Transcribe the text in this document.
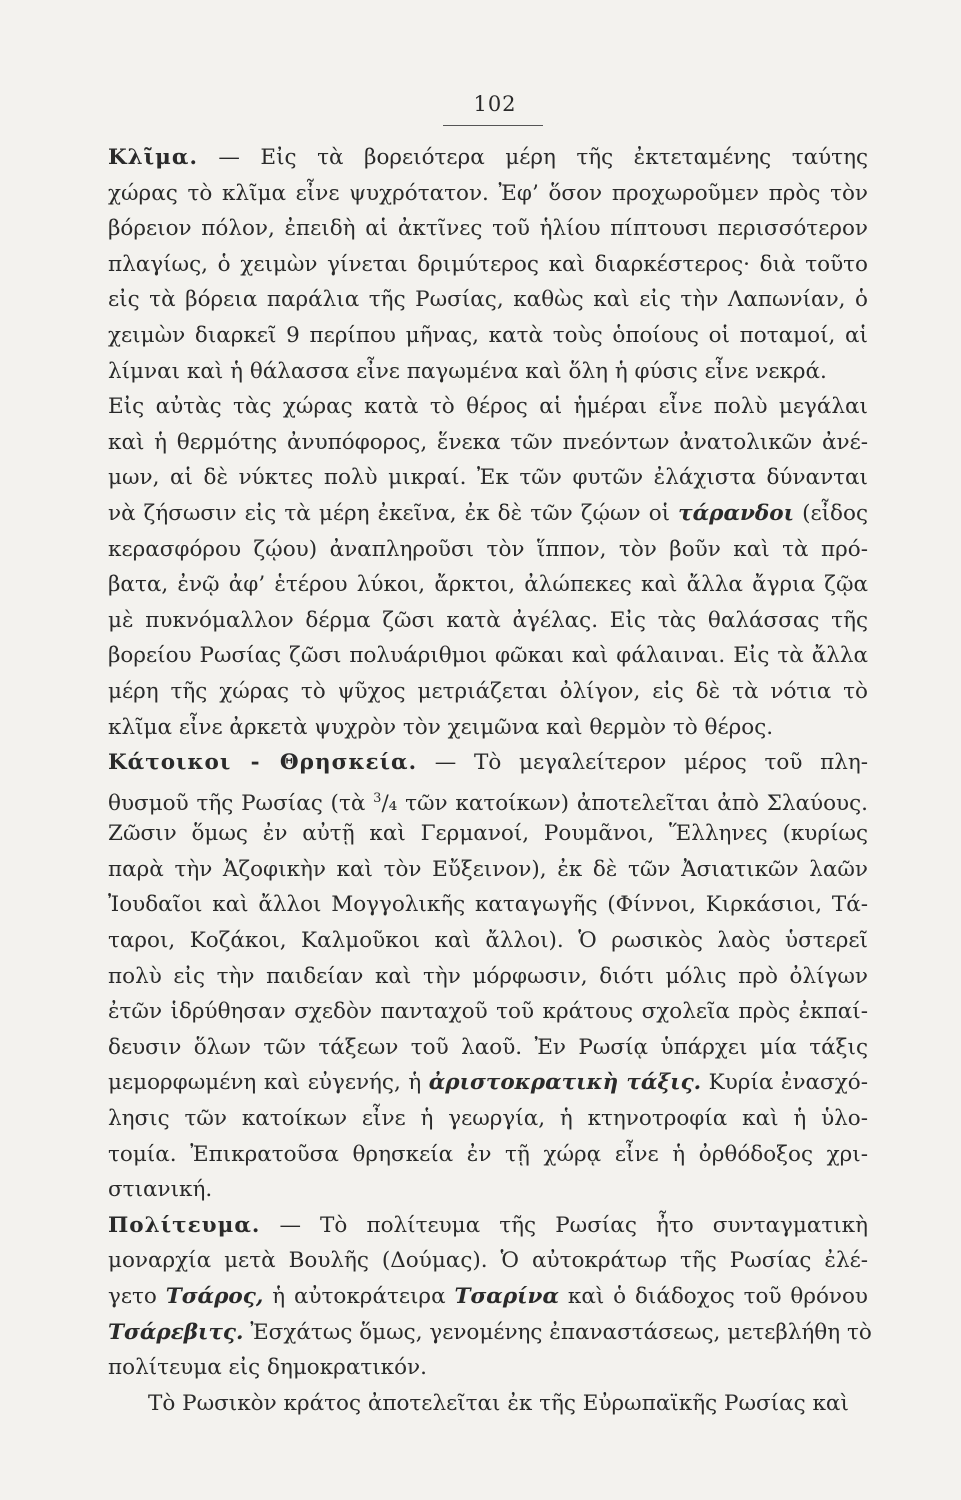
102
Κλῖμα. — Εἰς τὰ βορειότερα μέρη τῆς ἐκτεταμένης ταύτης
χώρας τὸ κλῖμα εἶνε ψυχρότατον. Ἐφ’ ὅσον προχωροῦμεν πρὸς τὸν
βόρειον πόλον, ἐπειδὴ αἱ ἀκτῖνες τοῦ ἡλίου πίπτουσι περισσότερον
πλαγίως, ὁ χειμὼν γίνεται δριμύτερος καὶ διαρκέστερος· διὰ τοῦτο
εἰς τὰ βόρεια παράλια τῆς Ρωσίας, καθὼς καὶ εἰς τὴν Λαπωνίαν, ὁ
χειμὼν διαρκεῖ 9 περίπου μῆνας, κατὰ τοὺς ὁποίους οἱ ποταμοί, αἱ
λίμναι καὶ ἡ θάλασσα εἶνε παγωμένα καὶ ὅλη ἡ φύσις εἶνε νεκρά.
Εἰς αὐτὰς τὰς χώρας κατὰ τὸ θέρος αἱ ἡμέραι εἶνε πολὺ μεγάλαι
καὶ ἡ θερμότης ἀνυπόφορος, ἕνεκα τῶν πνεόντων ἀνατολικῶν ἀνέ-
μων, αἱ δὲ νύκτες πολὺ μικραί. Ἐκ τῶν φυτῶν ἐλάχιστα δύνανται
νὰ ζήσωσιν εἰς τὰ μέρη ἐκεῖνα, ἐκ δὲ τῶν ζῴων οἱ τάρανδοι (εἶδος
κερασφόρου ζῴου) ἀναπληροῦσι τὸν ἵππον, τὸν βοῦν καὶ τὰ πρό-
βατα, ἐνῷ ἀφ’ ἑτέρου λύκοι, ἄρκτοι, ἀλώπεκες καὶ ἄλλα ἄγρια ζῷα
μὲ πυκνόμαλλον δέρμα ζῶσι κατὰ ἀγέλας. Εἰς τὰς θαλάσσας τῆς
βορείου Ρωσίας ζῶσι πολυάριθμοι φῶκαι καὶ φάλαιναι. Εἰς τὰ ἄλλα
μέρη τῆς χώρας τὸ ψῦχος μετριάζεται ὀλίγον, εἰς δὲ τὰ νότια τὸ
κλῖμα εἶνε ἀρκετὰ ψυχρὸν τὸν χειμῶνα καὶ θερμὸν τὸ θέρος.
Κάτοικοι - Θρησκεία. — Τὸ μεγαλείτερον μέρος τοῦ πλη-
θυσμοῦ τῆς Ρωσίας (τὰ $^3$/₄ τῶν κατοίκων) ἀποτελεῖται ἀπὸ Σλαύους.
Ζῶσιν ὅμως ἐν αὐτῇ καὶ Γερμανοί, Ρουμᾶνοι, Ἕλληνες (κυρίως
παρὰ τὴν Ἀζοφικὴν καὶ τὸν Εὔξεινον), ἐκ δὲ τῶν Ἀσιατικῶν λαῶν
Ἰουδαῖοι καὶ ἄλλοι Μογγολικῆς καταγωγῆς (Φίννοι, Κιρκάσιοι, Τά-
ταροι, Κοζάκοι, Καλμοῦκοι καὶ ἄλλοι). Ὁ ρωσικὸς λαὸς ὑστερεῖ
πολὺ εἰς τὴν παιδείαν καὶ τὴν μόρφωσιν, διότι μόλις πρὸ ὀλίγων
ἐτῶν ἱδρύθησαν σχεδὸν πανταχοῦ τοῦ κράτους σχολεῖα πρὸς ἐκπαί-
δευσιν ὅλων τῶν τάξεων τοῦ λαοῦ. Ἐν Ρωσίᾳ ὑπάρχει μία τάξις
μεμορφωμένη καὶ εὐγενής, ἡ ἀριστοκρατικὴ τάξις. Κυρία ἐνασχό-
λησις τῶν κατοίκων εἶνε ἡ γεωργία, ἡ κτηνοτροφία καὶ ἡ ὑλο-
τομία. Ἐπικρατοῦσα θρησκεία ἐν τῇ χώρᾳ εἶνε ἡ ὀρθόδοξος χρι-
στιανική.
Πολίτευμα. — Τὸ πολίτευμα τῆς Ρωσίας ἦτο συνταγματικὴ
μοναρχία μετὰ Βουλῆς (Δούμας). Ὁ αὐτοκράτωρ τῆς Ρωσίας ἐλέ-
γετο Τσάρος, ἡ αὐτοκράτειρα Τσαρίνα καὶ ὁ διάδοχος τοῦ θρόνου
Τσάρεβιτς. Ἐσχάτως ὅμως, γενομένης ἐπαναστάσεως, μετεβλήθη τὸ
πολίτευμα εἰς δημοκρατικόν.
Τὸ Ρωσικὸν κράτος ἀποτελεῖται ἐκ τῆς Εὐρωπαϊκῆς Ρωσίας καὶ
